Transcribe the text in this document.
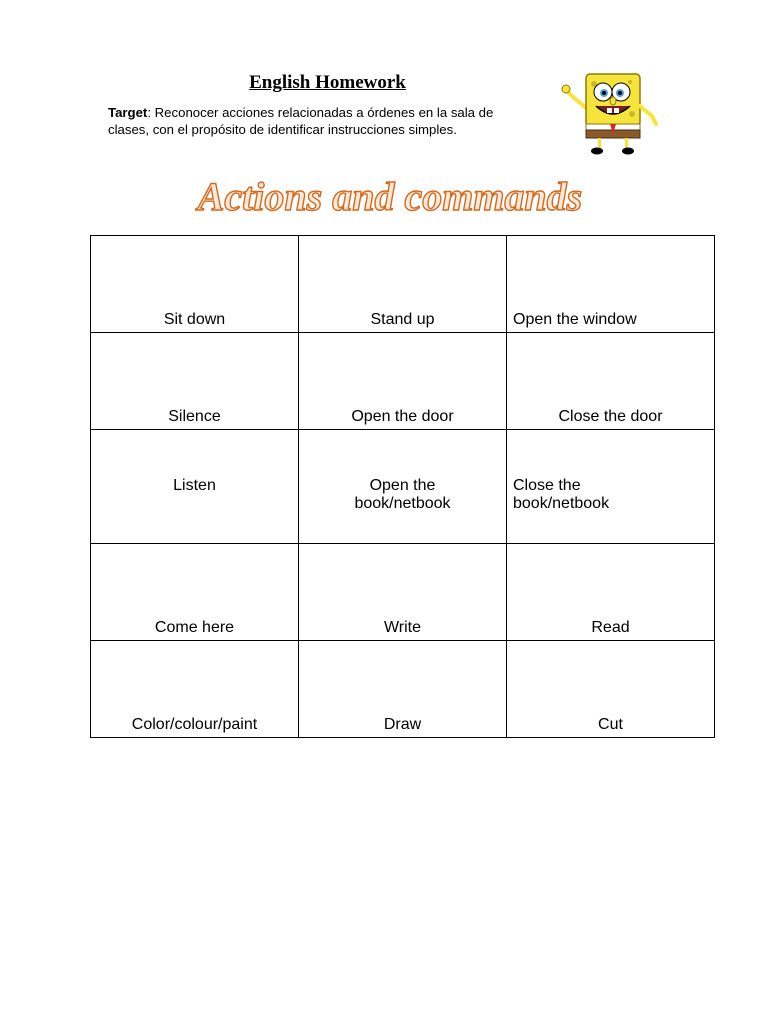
English Homework
Target: Reconocer acciones relacionadas a órdenes en la sala de clases, con el propósito de identificar instrucciones simples.
Actions and commands
Sit down	Stand up	Open the window
Silence	Open the door	Close the door

Listen	Open the book/netbook	Close the book/netbook

Come here	Write	Read
Color/colour/paint	Draw	Cut
